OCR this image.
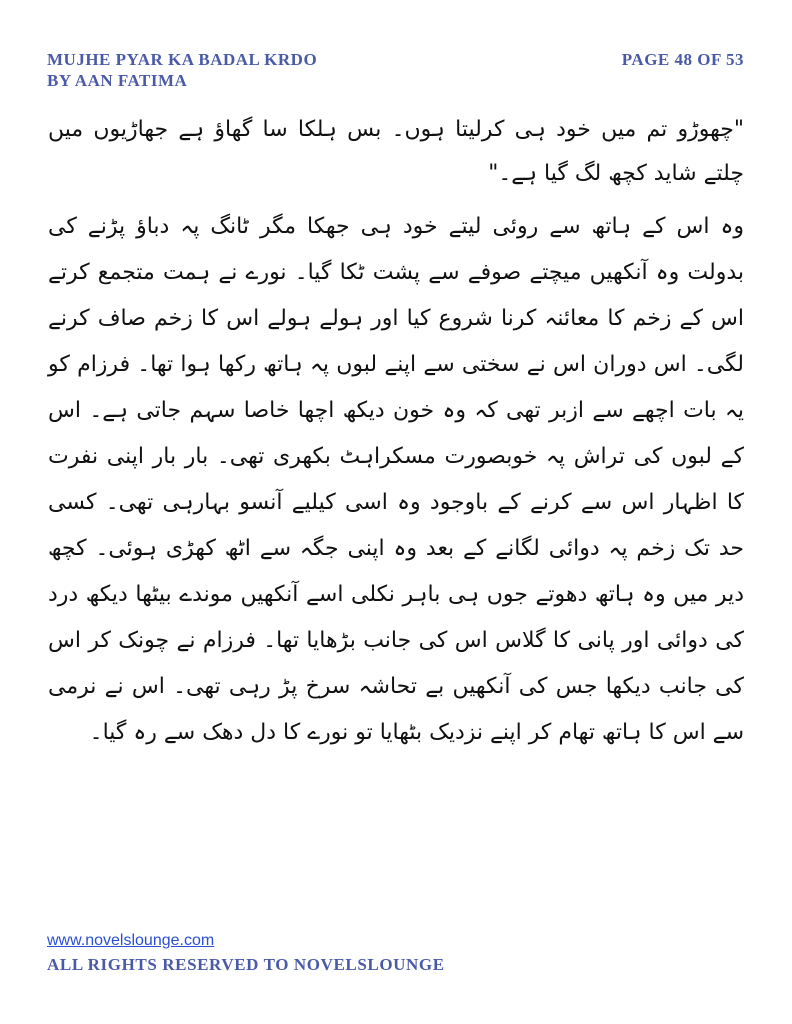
MUJHE PYAR KA BADAL KRDO
BY AAN FATIMA
PAGE 48 OF 53

"چھوڑو تم میں خود ہی کرلیتا ہوں۔ بس ہلکا سا گھاؤ ہے جھاڑیوں میں چلتے شاید کچھ لگ گیا ہے۔"

وہ اس کے ہاتھ سے روئی لیتے خود ہی جھکا مگر ٹانگ پہ دباؤ پڑنے کی بدولت وہ آنکھیں میچتے صوفے سے پشت ٹکا گیا۔ نورے نے ہمت متجمع کرتے اس کے زخم کا معائنہ کرنا شروع کیا اور ہولے ہولے اس کا زخم صاف کرنے لگی۔ اس دوران اس نے سختی سے اپنے لبوں پہ ہاتھ رکھا ہوا تھا۔ فرزام کو یہ بات اچھے سے ازبر تھی کہ وہ خون دیکھ اچھا خاصا سہم جاتی ہے۔ اس کے لبوں کی تراش پہ خوبصورت مسکراہٹ بکھری تھی۔ بار بار اپنی نفرت کا اظہار اس سے کرنے کے باوجود وہ اسی کیلیے آنسو بہارہی تھی۔ کسی حد تک زخم پہ دوائی لگانے کے بعد وہ اپنی جگہ سے اٹھ کھڑی ہوئی۔ کچھ دیر میں وہ ہاتھ دھوتے جوں ہی باہر نکلی اسے آنکھیں موندے بیٹھا دیکھ درد کی دوائی اور پانی کا گلاس اس کی جانب بڑھایا تھا۔ فرزام نے چونک کر اس کی جانب دیکھا جس کی آنکھیں بے تحاشہ سرخ پڑ رہی تھی۔ اس نے نرمی سے اس کا ہاتھ تھام کر اپنے نزدیک بٹھایا تو نورے کا دل دھک سے رہ گیا۔

www.novelslounge.com
ALL RIGHTS RESERVED TO NOVELSLOUNGE
